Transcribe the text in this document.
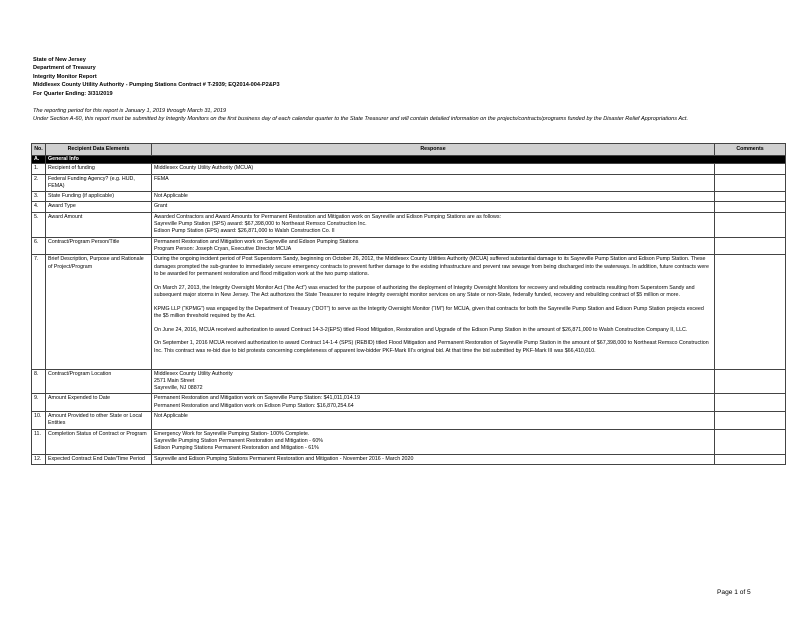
State of New Jersey
Department of Treasury
Integrity Monitor Report
Middlesex County Utility Authority - Pumping Stations Contract # T-2939; EQ2014-004-P2&P3
For Quarter Ending: 3/31/2019
The reporting period for this report is January 1, 2019 through March 31, 2019
Under Section A-60, this report must be submitted by Integrity Monitors on the first business day of each calendar quarter to the State Treasurer and will contain detailed information on the projects/contracts/programs funded by the Disaster Relief Appropriations Act.
No.	Recipient Data Elements	Response	Comments
A.	General Info		
1.	Recipient of funding	Middlesex County Utility Authority (MCUA)	

2.	Federal Funding Agency? (e.g. HUD, FEMA)	FEMA	

3.	State Funding (if applicable)	Not Applicable	

4.	Award Type	Grant	

5.	Award Amount	Awarded Contractors and Award Amounts for Permanent Restoration and Mitigation work on Sayreville and Edison Pumping Stations are as follows:
Sayreville Pump Station (SPS) award: $67,398,000 to Northeast Remsco Construction Inc.
Edison Pump Station (EPS) award: $26,871,000 to Walsh Construction Co. II	

6.	Contract/Program Person/Title	Permanent Restoration and Mitigation work on Sayreville and Edison Pumping Stations
Program Person: Joseph Cryan, Executive Director MCUA	

7.	Brief Description, Purpose and Rationale of Project/Program	During the ongoing incident period of Post Superstorm Sandy, beginning on October 26, 2012, the Middlesex County Utilities Authority (MCUA) suffered substantial damage to its Sayreville Pump Station and Edison Pump Station. These damages prompted the sub-grantee to immediately secure emergency contracts to prevent further damage to the existing infrastructure and prevent raw sewage from being discharged into the waterways. In addition, future contracts were to be awarded for permanent restoration and flood mitigation work at the two pump stations.
On March 27, 2013, the Integrity Oversight Monitor Act (“the Act”) was enacted for the purpose of authorizing the deployment of Integrity Oversight Monitors for recovery and rebuilding contracts resulting from Superstorm Sandy and subsequent major storms in New Jersey. The Act authorizes the State Treasurer to require integrity oversight monitor services on any State or non-State, federally funded, recovery and rebuilding contract of $5 million or more.
KPMG LLP (“KPMG”) was engaged by the Department of Treasury (“DOT”) to serve as the Integrity Oversight Monitor (“IM”) for MCUA, given that contracts for both the Sayreville Pump Station and Edison Pump Station projects exceed the $5 million threshold required by the Act.
On June 24, 2016, MCUA received authorization to award Contract 14-3-2(EPS) titled Flood Mitigation, Restoration and Upgrade of the Edison Pump Station in the amount of $26,871,000 to Walsh Construction Company II, LLC.
On September 1, 2016 MCUA received authorization to award Contract 14-1-4 (SPS) (REBID) titled Flood Mitigation and Permanent Restoration of Sayreville Pump Station in the amount of $67,398,000 to Northeast Remsco Construction Inc. This contract was re-bid due to bid protests concerning completeness of apparent low-bidder PKF-Mark III's original bid. At that time the bid submitted by PKF-Mark III was $66,410,010.	

8.	Contract/Program Location	Middlesex County Utility Authority
2571 Main Street
Sayreville, NJ 08872	

9.	Amount Expended to Date	Permanent Restoration and Mitigation work on Sayreville Pump Station: $41,011,014.19
Permanent Restoration and Mitigation work on Edison Pump Station: $16,870,254.64	

10.	Amount Provided to other State or Local Entities	Not Applicable	

11.	Completion Status of Contract or Program	Emergency Work for Sayreville Pumping Station- 100% Complete.
Sayreville Pumping Station Permanent Restoration and Mitigation - 60%
Edison Pumping Stations Permanent Restoration and Mitigation - 61%	

12.	Expected Contract End Date/Time Period	Sayreville and Edison Pumping Stations Permanent Restoration and Mitigation - November 2016 - March 2020	

Page 1 of 5
